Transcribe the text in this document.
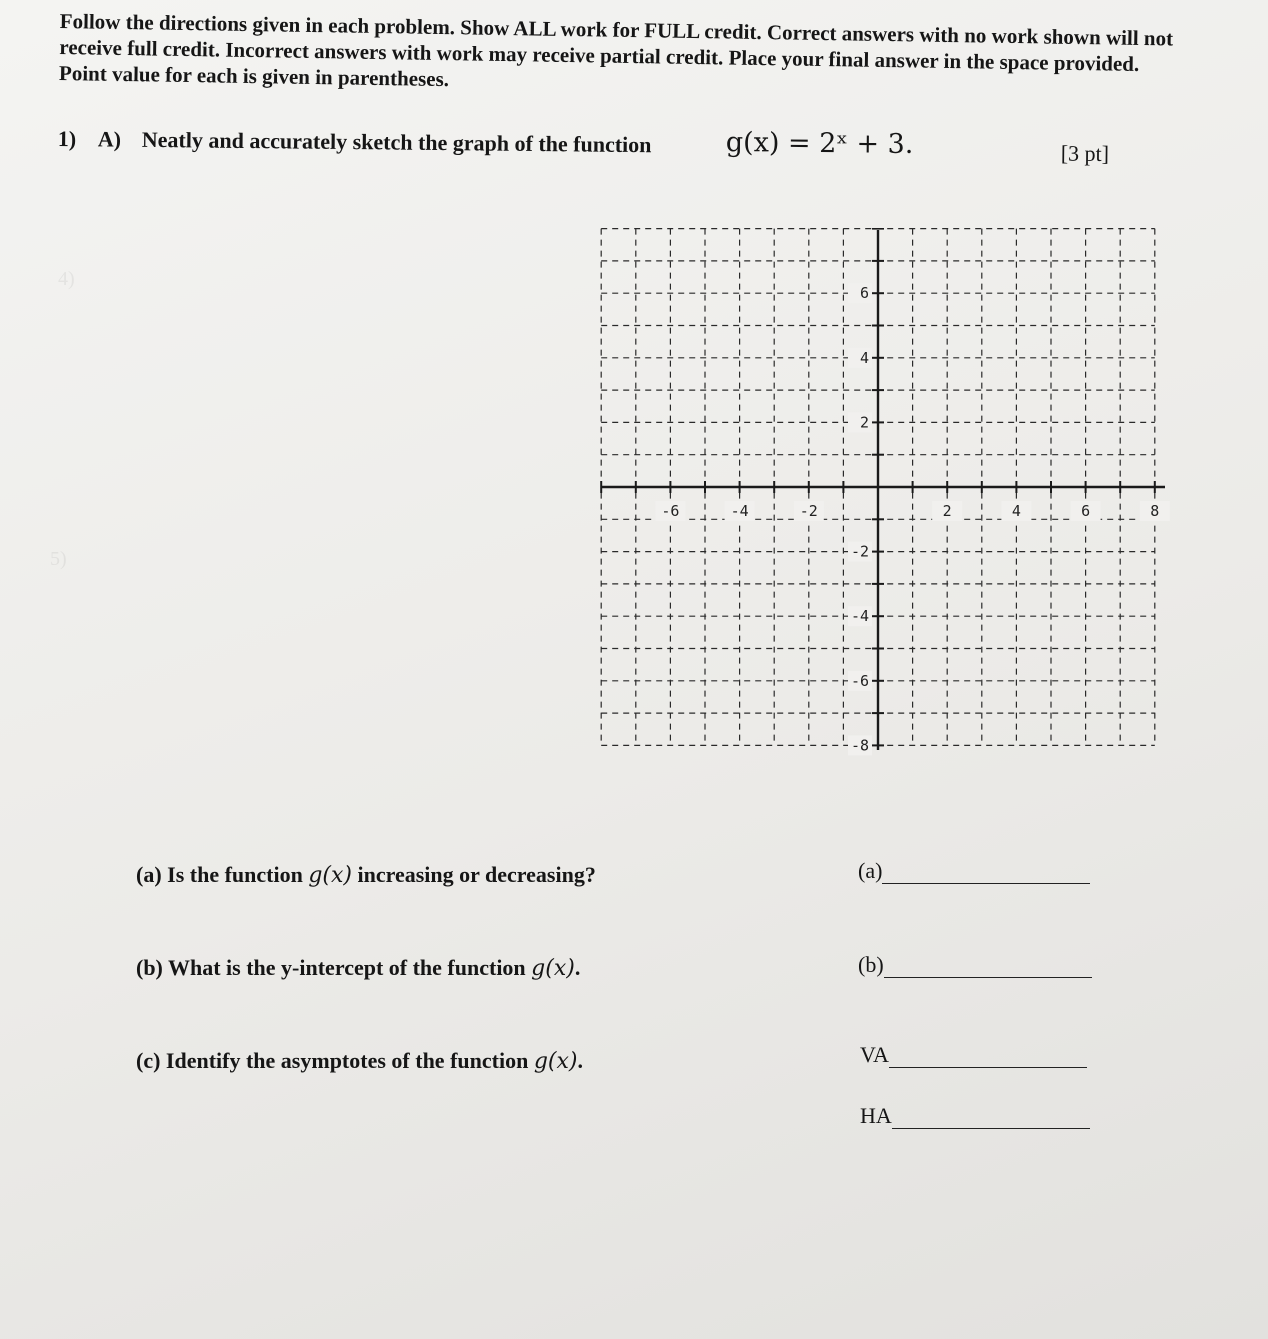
4) ⁢ ⁢ ⁢ ⁢
5) ⁢ ⁢ ⁢
Follow the directions given in each problem. Show ALL work for FULL credit. Correct answers with no work shown will not receive full credit. Incorrect answers with work may receive partial credit. Place your final answer in the space provided. Point value for each is given in parentheses.
1) A) Neatly and accurately sketch the graph of the function	g(x) = 2ˣ + 3.	[3 pt]
-6	-4	-2	2	4	6	8
6
4
2
-2
-4
-6
-8
(a) Is the function g(x) increasing or decreasing?	(a)
(b) What is the y-intercept of the function g(x).	(b)
(c) Identify the asymptotes of the function g(x).	VA
HA
